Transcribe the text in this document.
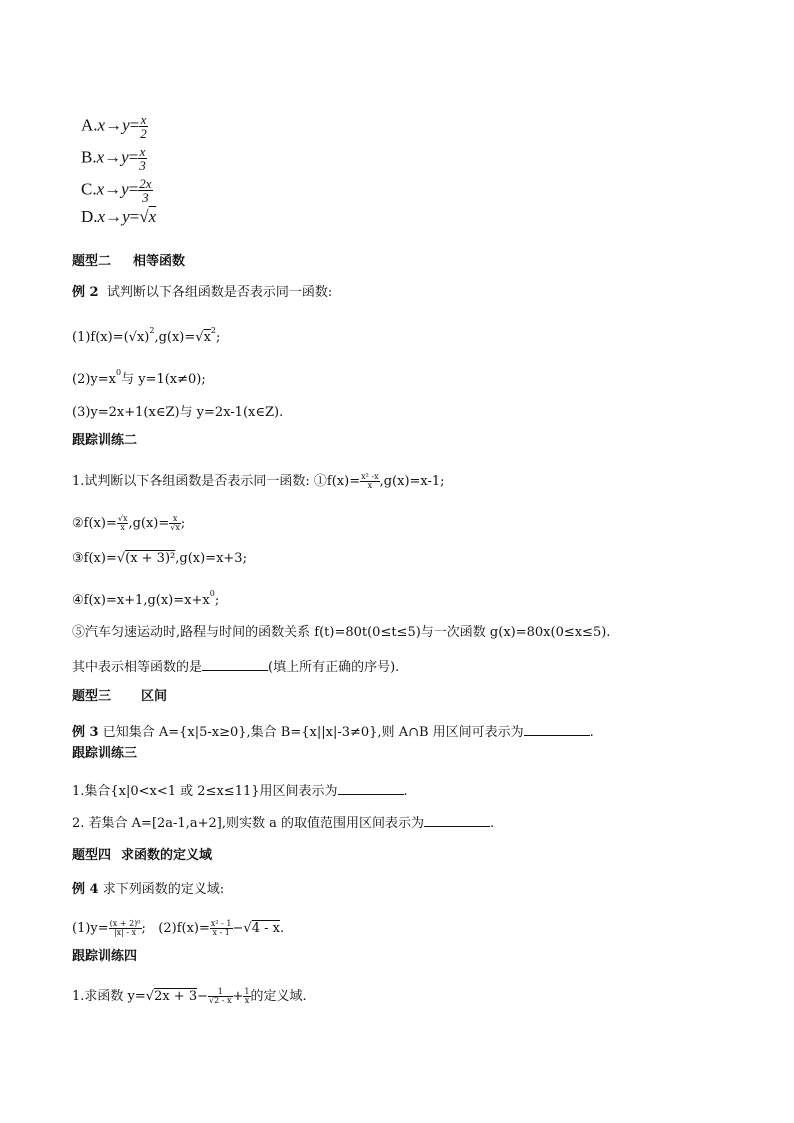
$A.x\to y= \frac{x}{2}$
$B.x\to y= \frac{x}{3}$
$C.x\to y= \frac{2x}{3}$
D.x→y=√x
题型二 相等函数
例 2 试判断以下各组函数是否表示同一函数:
$(1)f(x)=(√x)^2,g(x)=√x^2$;
$(2)y=x^0$与 y=1(x≠0);
(3)y=2x+1(x∈Z)与 y=2x-1(x∈Z).
跟踪训练二
1.试判断以下各组函数是否表示同一函数: ①f(x)= $\frac{\text{x² -x}}{x} ,g(x)=x-1$;
②f(x)= $\frac{√x}{x} ,g(x)= \frac{x}{√x}$ ;
③f(x)=√(x + 3)²,g(x)=x+3;
$④f(x)=x+1,g(x)=x+x^0$;
⑤汽车匀速运动时,路程与时间的函数关系 f(t)=80t(0≤t≤5)与一次函数 g(x)=80x(0≤x≤5).
其中表示相等函数的是	(填上所有正确的序号).
题型三 区间
例 3 已知集合 A={x|5-x≥0},集合 B={x||x|-3≠0},则 A∩B 用区间可表示为	.
跟踪训练三
1.集合{x|0<x<1 或 2≤x≤11}用区间表示为	.
2. 若集合 A=[2a-1,a+2],则实数 a 的取值范围用区间表示为	.
题型四 求函数的定义域
例 4 求下列函数的定义域:
$(1)y= \frac{\text{(x + 2)⁰}}{|x| - x}$ ; $(2)f(x)= \frac{\text{x² - 1}}{x - 1} -√4 - x$.
跟踪训练四
1.求函数 $y=√2x + 3- \frac{1}{√2 - x} + \frac{1}{x}$ 的定义域.
